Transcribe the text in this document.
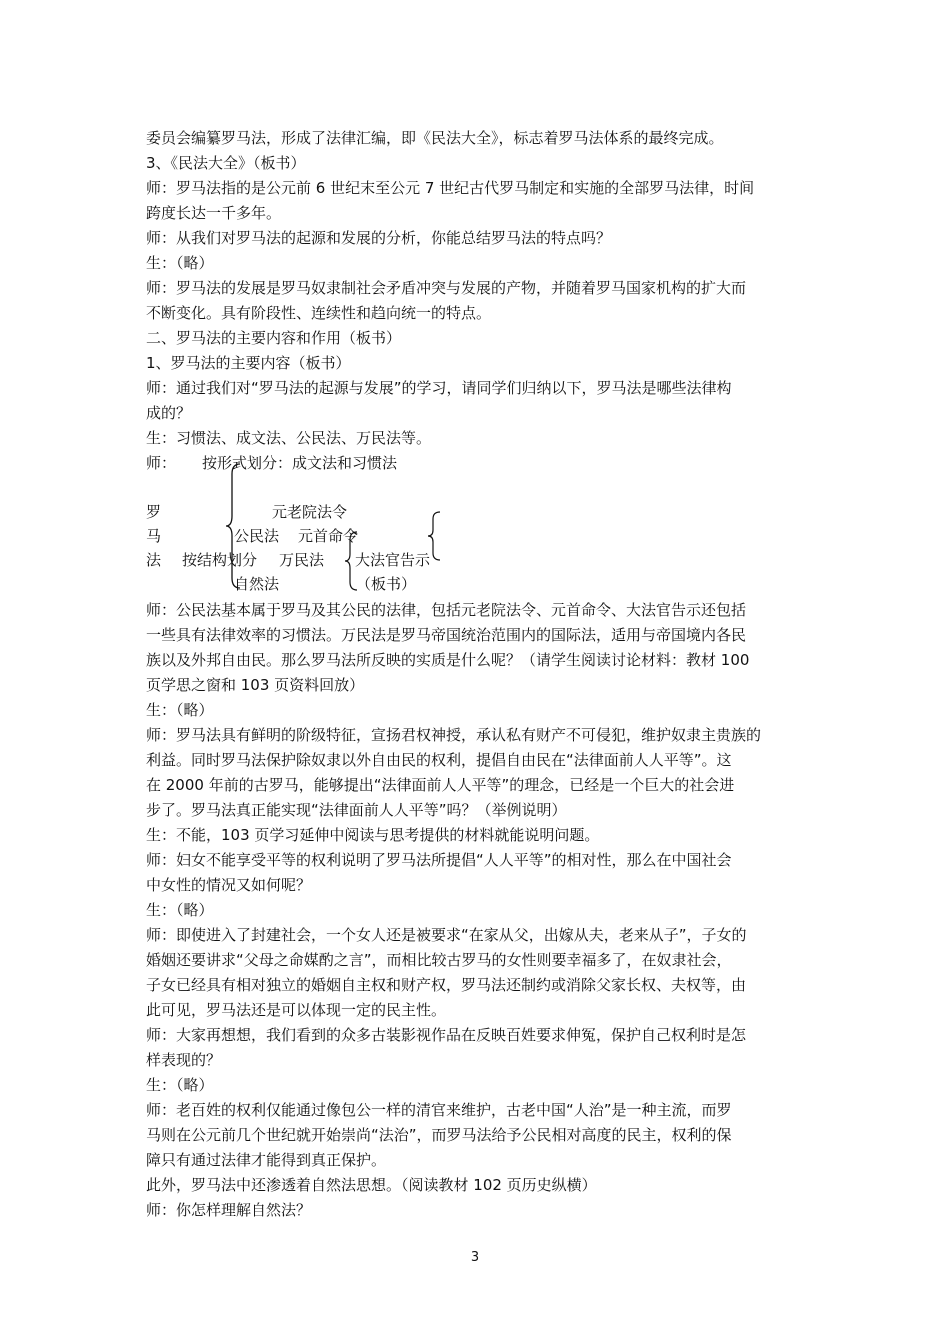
委员会编纂罗马法，形成了法律汇编，即《民法大全》，标志着罗马法体系的最终完成。
3、《民法大全》（板书）
师：罗马法指的是公元前 6 世纪末至公元 7 世纪古代罗马制定和实施的全部罗马法律，时间
跨度长达一千多年。
师：从我们对罗马法的起源和发展的分析，你能总结罗马法的特点吗？
生：（略）
师：罗马法的发展是罗马奴隶制社会矛盾冲突与发展的产物，并随着罗马国家机构的扩大而
不断变化。具有阶段性、连续性和趋向统一的特点。
二、罗马法的主要内容和作用（板书）
1、罗马法的主要内容（板书）
师：通过我们对“罗马法的起源与发展”的学习，请同学们归纳以下，罗马法是哪些法律构
成的？
生：习惯法、成文法、公民法、万民法等。
师： 按形式划分：成文法和习惯法
罗
马
法
元老院法令
公民法 元首命令
按结构划分 万民法 大法官告示
自然法	（板书）
师：公民法基本属于罗马及其公民的法律，包括元老院法令、元首命令、大法官告示还包括
一些具有法律效率的习惯法。万民法是罗马帝国统治范围内的国际法，适用与帝国境内各民
族以及外邦自由民。那么罗马法所反映的实质是什么呢？（请学生阅读讨论材料：教材 100
页学思之窗和 103 页资料回放）
生：（略）
师：罗马法具有鲜明的阶级特征，宣扬君权神授，承认私有财产不可侵犯，维护奴隶主贵族的
利益。同时罗马法保护除奴隶以外自由民的权利，提倡自由民在“法律面前人人平等”。这
在 2000 年前的古罗马，能够提出“法律面前人人平等”的理念，已经是一个巨大的社会进
步了。罗马法真正能实现“法律面前人人平等”吗？（举例说明）
生：不能，103 页学习延伸中阅读与思考提供的材料就能说明问题。
师：妇女不能享受平等的权利说明了罗马法所提倡“人人平等”的相对性，那么在中国社会
中女性的情况又如何呢？
生：（略）
师：即使进入了封建社会，一个女人还是被要求“在家从父，出嫁从夫，老来从子”，子女的
婚姻还要讲求“父母之命媒酌之言”，而相比较古罗马的女性则要幸福多了，在奴隶社会，
子女已经具有相对独立的婚姻自主权和财产权，罗马法还制约或消除父家长权、夫权等，由
此可见，罗马法还是可以体现一定的民主性。
师：大家再想想，我们看到的众多古装影视作品在反映百姓要求伸冤，保护自己权利时是怎
样表现的？
生：（略）
师：老百姓的权利仅能通过像包公一样的清官来维护，古老中国“人治”是一种主流，而罗
马则在公元前几个世纪就开始崇尚“法治”，而罗马法给予公民相对高度的民主，权利的保
障只有通过法律才能得到真正保护。
此外，罗马法中还渗透着自然法思想。（阅读教材 102 页历史纵横）
师：你怎样理解自然法？
3
